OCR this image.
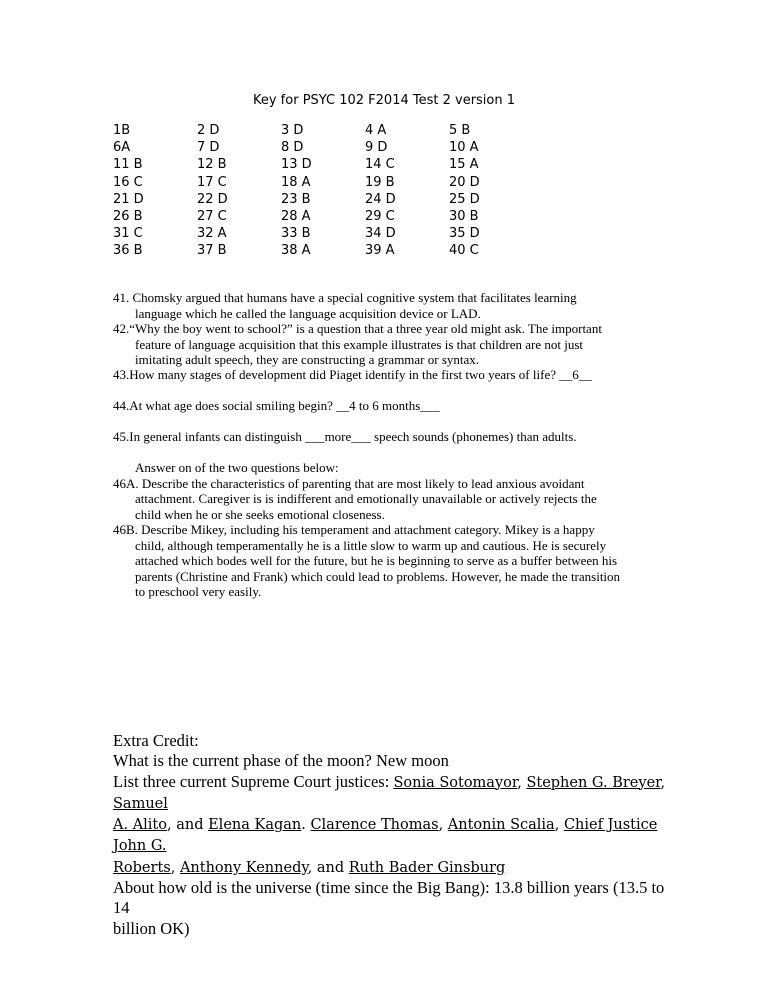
Key for PSYC 102 F2014 Test 2 version 1
1B
6A
11 B
16 C
21 D
26 B
31 C
36 B
2 D
7 D
12 B
17 C
22 D
27 C
32 A
37 B
3 D
8 D
13 D
18 A
23 B
28 A
33 B
38 A
4 A
9 D
14 C
19 B
24 D
29 C
34 D
39 A
5 B
10 A
15 A
20 D
25 D
30 B
35 D
40 C
41. Chomsky argued that humans have a special cognitive system that facilitates learning
language which he called the language acquisition device or LAD.
42.“Why the boy went to school?” is a question that a three year old might ask. The important
feature of language acquisition that this example illustrates is that children are not just
imitating adult speech, they are constructing a grammar or syntax.
43.How many stages of development did Piaget identify in the first two years of life? __6__
44.At what age does social smiling begin? __4 to 6 months___
45.In general infants can distinguish ___more___ speech sounds (phonemes) than adults.
Answer on of the two questions below:
46A. Describe the characteristics of parenting that are most likely to lead anxious avoidant
attachment. Caregiver is is indifferent and emotionally unavailable or actively rejects the
child when he or she seeks emotional closeness.
46B. Describe Mikey, including his temperament and attachment category. Mikey is a happy
child, although temperamentally he is a little slow to warm up and cautious. He is securely
attached which bodes well for the future, but he is beginning to serve as a buffer between his
parents (Christine and Frank) which could lead to problems. However, he made the transition
to preschool very easily.
Extra Credit:
What is the current phase of the moon? New moon
List three current Supreme Court justices: Sonia Sotomayor, Stephen G. Breyer, Samuel
A. Alito, and Elena Kagan. Clarence Thomas, Antonin Scalia, Chief Justice John G.
Roberts, Anthony Kennedy, and Ruth Bader Ginsburg
About how old is the universe (time since the Big Bang): 13.8 billion years (13.5 to 14
billion OK)
